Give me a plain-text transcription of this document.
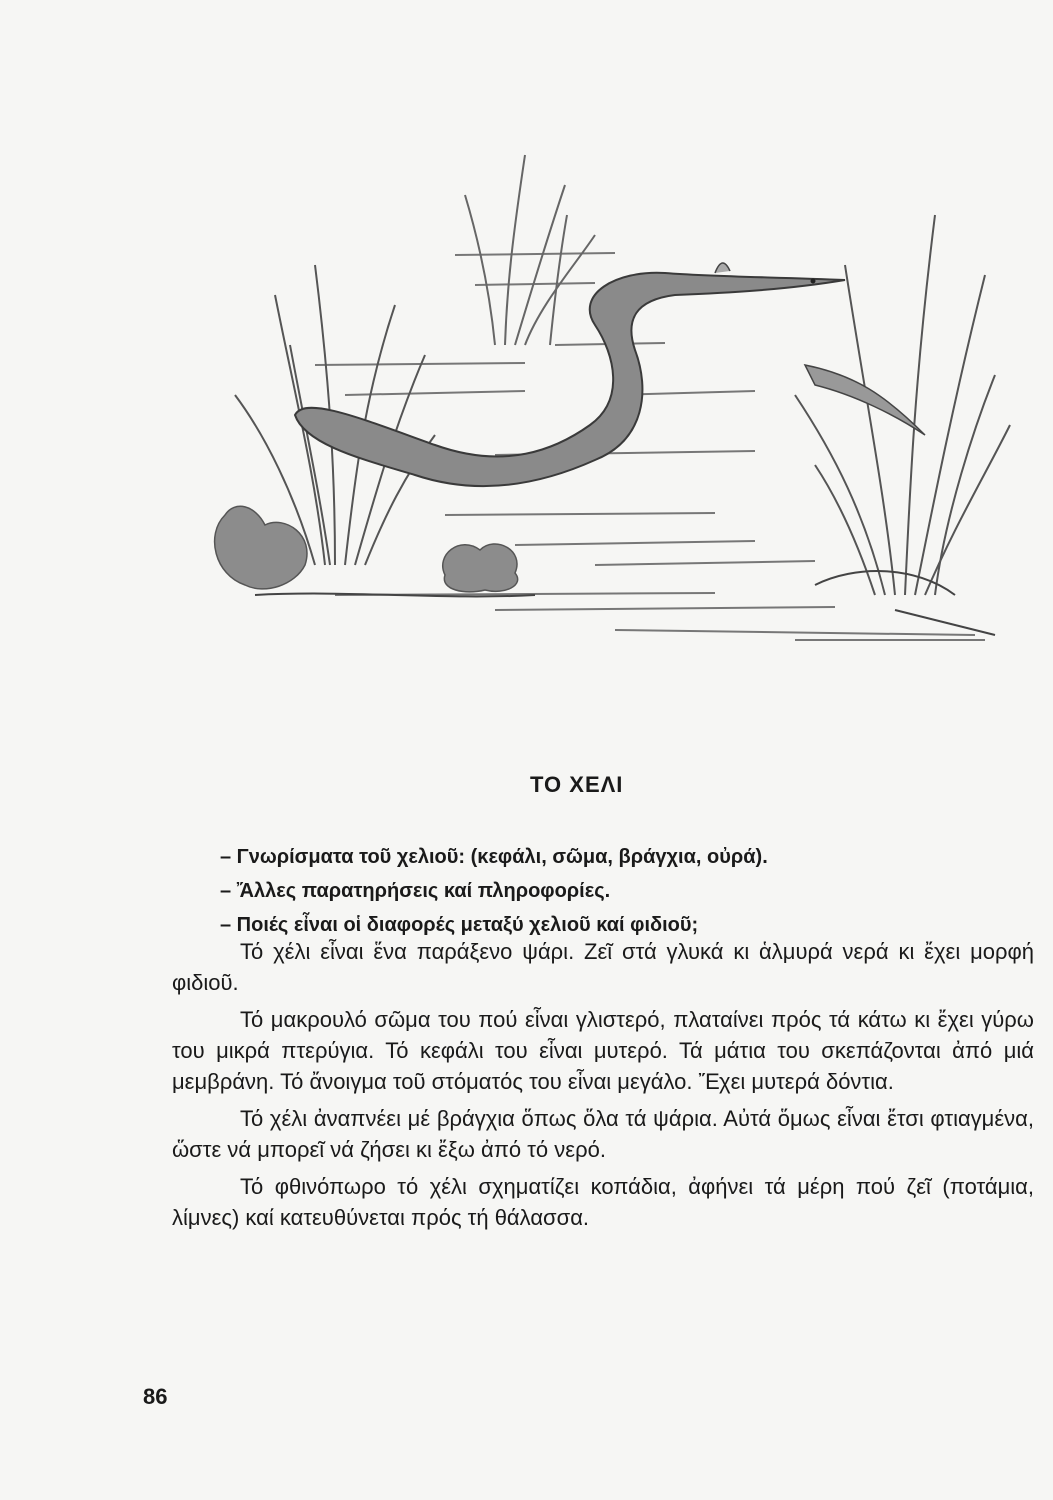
ΤΟ ΧΕΛΙ
– Γνωρίσματα τοῦ χελιοῦ: (κεφάλι, σῶμα, βράγχια, οὐρά).
– Ἄλλες παρατηρήσεις καί πληροφορίες.
– Ποιές εἶναι οἱ διαφορές μεταξύ χελιοῦ καί φιδιοῦ;

Τό χέλι εἶναι ἕνα παράξενο ψάρι. Ζεῖ στά γλυκά κι ἁλμυρά νερά κι ἔχει μορφή φιδιοῦ.

Τό μακρουλό σῶμα του πού εἶναι γλιστερό, πλαταίνει πρός τά κάτω κι ἔχει γύρω του μικρά πτερύγια. Τό κεφάλι του εἶναι μυτερό. Τά μάτια του σκεπάζονται ἀπό μιά μεμβράνη. Τό ἄνοιγμα τοῦ στόματός του εἶναι μεγάλο. Ἔχει μυτερά δόντια.

Τό χέλι ἀναπνέει μέ βράγχια ὅπως ὅλα τά ψάρια. Αὐτά ὅμως εἶναι ἔτσι φτιαγμένα, ὥστε νά μπορεῖ νά ζήσει κι ἔξω ἀπό τό νερό.

Τό φθινόπωρο τό χέλι σχηματίζει κοπάδια, ἀφήνει τά μέρη πού ζεῖ (ποτάμια, λίμνες) καί κατευθύνεται πρός τή θάλασσα.

86
